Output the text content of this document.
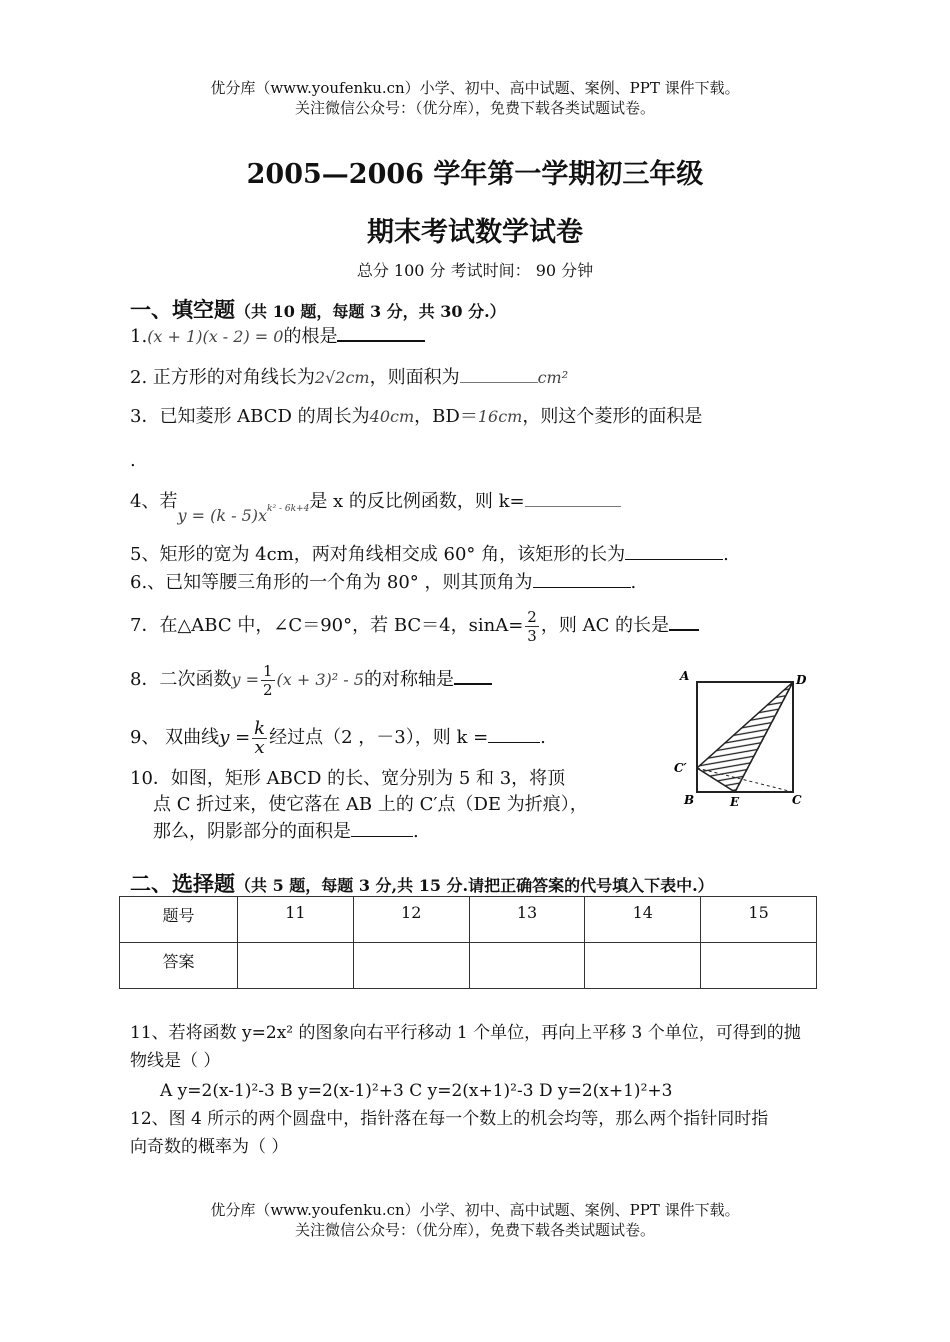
优分库（www.youfenku.cn）小学、初中、高中试题、案例、PPT 课件下载。
关注微信公众号：（优分库），免费下载各类试题试卷。
2005—2006 学年第一学期初三年级
期末考试数学试卷
总分 100 分 考试时间： 90 分钟
一、填空题（共 10 题，每题 3 分，共 30 分.）
1.(x + 1)(x - 2) = 0的根是
2. 正方形的对角线长为2√2cm，则面积为	cm²
3．已知菱形 ABCD 的周长为40cm，BD＝16cm，则这个菱形的面积是
.
4、若$y = (k - 5)x_{k^2 - 6k+4}$是 x 的反比例函数，则 k=
5、矩形的宽为 4cm，两对角线相交成 60° 角，该矩形的长为	.
6.、已知等腰三角形的一个角为 80° ，则其顶角为	.
7．在△ABC 中，∠C＝90°，若 BC＝4，$\sin A= \frac{2}{3}$ ，则 AC 的长是
8．二次函数$y = \frac{1}{2} (x + 3)^2 - 5$的对称轴是
9、 双曲线$y = \frac{k}{x}$ 经过点（2 ，－3），则 k =	.
10．如图，矩形 ABCD 的长、宽分别为 5 和 3，将顶
点 C 折过来，使它落在 AB 上的 C′点（DE 为折痕），
那么，阴影部分的面积是	.
A	D
C′
B	E	C
二、选择题（共 5 题，每题 3 分,共 15 分.请把正确答案的代号填入下表中.）
题号	11	12	13	14	15
答案					
11、若将函数 y=2x² 的图象向右平行移动 1 个单位，再向上平移 3 个单位，可得到的抛
物线是（ ）
A y=2(x-1)²-3 B y=2(x-1)²+3 C y=2(x+1)²-3 D y=2(x+1)²+3
12、图 4 所示的两个圆盘中，指针落在每一个数上的机会均等，那么两个指针同时指
向奇数的概率为（ ）
优分库（www.youfenku.cn）小学、初中、高中试题、案例、PPT 课件下载。
关注微信公众号：（优分库），免费下载各类试题试卷。
